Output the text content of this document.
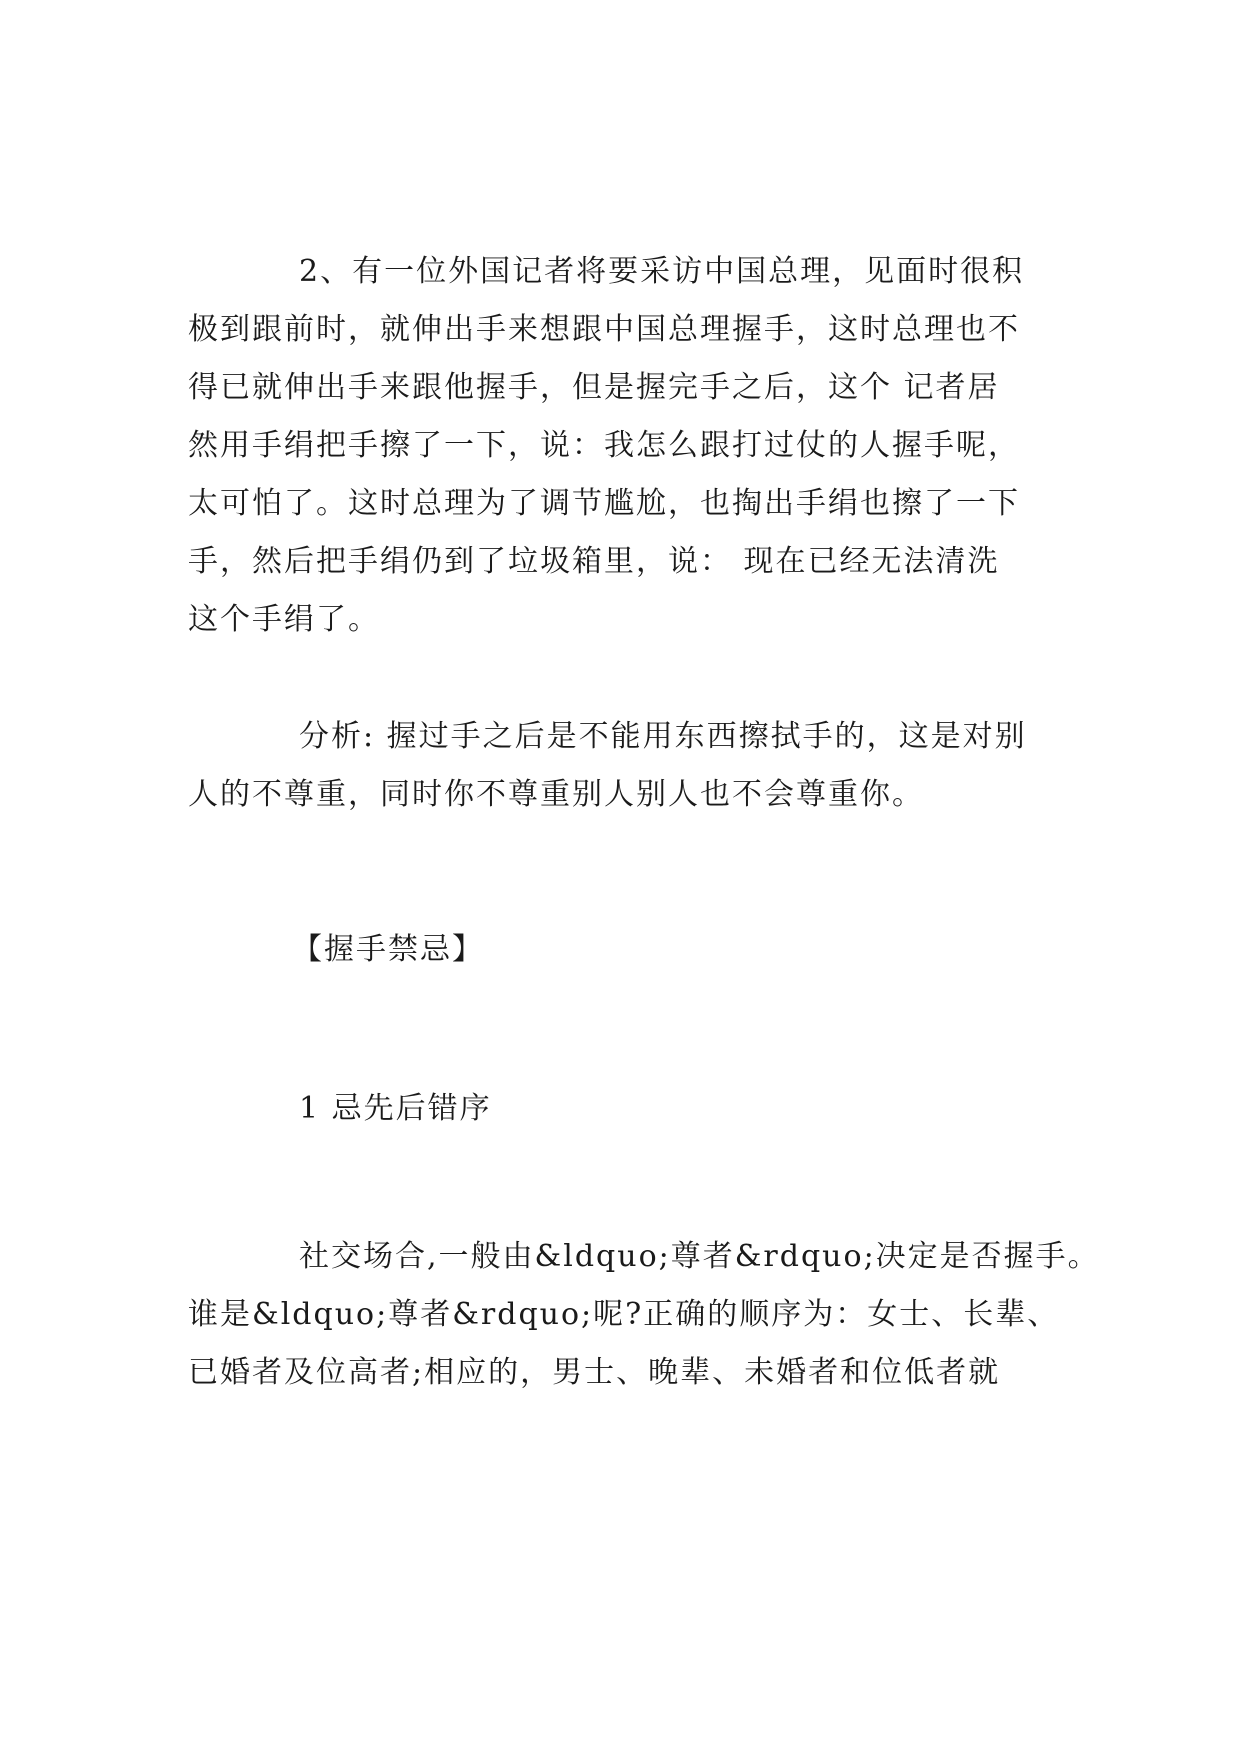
2、有一位外国记者将要采访中国总理，见面时很积
极到跟前时，就伸出手来想跟中国总理握手，这时总理也不
得已就伸出手来跟他握手，但是握完手之后，这个 记者居
然用手绢把手擦了一下，说：我怎么跟打过仗的人握手呢，
太可怕了。这时总理为了调节尴尬，也掏出手绢也擦了一下
手，然后把手绢仍到了垃圾箱里，说： 现在已经无法清洗
这个手绢了。
分析: 握过手之后是不能用东西擦拭手的，这是对别
人的不尊重，同时你不尊重别人别人也不会尊重你。
【握手禁忌】
1 忌先后错序
社交场合,一般由&ldquo;尊者&rdquo;决定是否握手。
谁是&ldquo;尊者&rdquo;呢?正确的顺序为：女士、长辈、
已婚者及位高者;相应的，男士、晚辈、未婚者和位低者就
